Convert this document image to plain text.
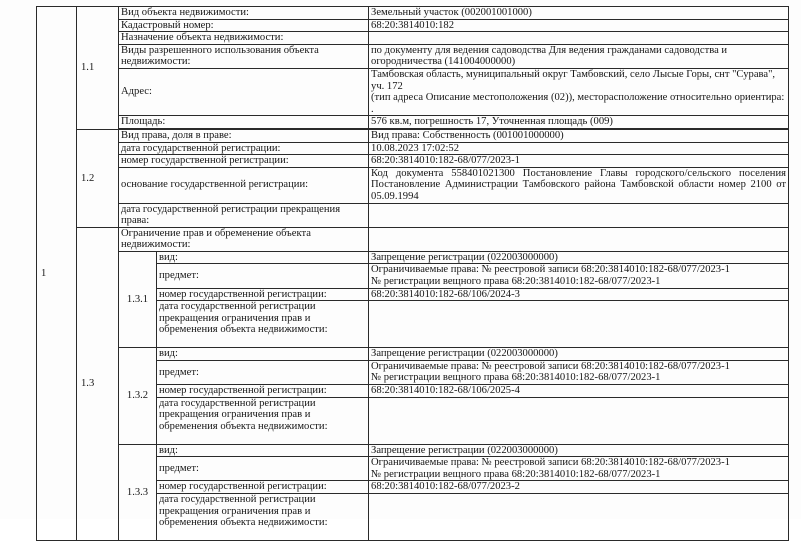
1	1.1	Вид объекта недвижимости:		Земельный участок (002001001000)
		Кадастровый номер:		68:20:3814010:182
		Назначение объекта недвижимости:		
		Виды разрешенного использования объекта недвижимости:		по документу для ведения садоводства Для ведения гражданами садоводства и огородничества (141004000000)
		Адрес:		Тамбовская область, муниципальный округ Тамбовский, село Лысые Горы, снт "Сурава", уч. 172
(тип адреса Описание местоположения (02)), месторасположение относительно ориентира: .
		Площадь:		576 кв.м, погрешность 17, Уточненная площадь (009)

	1.2	Вид права, доля в праве:		Вид права: Собственность (001001000000)
		дата государственной регистрации:		10.08.2023 17:02:52
		номер государственной регистрации:		68:20:3814010:182-68/077/2023-1
		основание государственной регистрации:		Код документа 558401021300 Постановление Главы городского/сельского поселения Постановление Администрации Тамбовского района Тамбовской области номер 2100 от 05.09.1994
		дата государственной регистрации прекращения права:		
	1.3	Ограничение прав и обременение объекта недвижимости:		
		1.3.1	вид:	Запрещение регистрации (022003000000)
			предмет:	Ограничиваемые права: № реестровой записи 68:20:3814010:182-68/077/2023-1
№ регистрации вещного права 68:20:3814010:182-68/077/2023-1
			номер государственной регистрации:	68:20:3814010:182-68/106/2024-3
			дата государственной регистрации прекращения ограничения прав и обременения объекта недвижимости:	
		1.3.2	вид:	Запрещение регистрации (022003000000)
			предмет:	Ограничиваемые права: № реестровой записи 68:20:3814010:182-68/077/2023-1
№ регистрации вещного права 68:20:3814010:182-68/077/2023-1
			номер государственной регистрации:	68:20:3814010:182-68/106/2025-4
			дата государственной регистрации прекращения ограничения прав и обременения объекта недвижимости:	
		1.3.3	вид:	Запрещение регистрации (022003000000)
			предмет:	Ограничиваемые права: № реестровой записи 68:20:3814010:182-68/077/2023-1
№ регистрации вещного права 68:20:3814010:182-68/077/2023-1
			номер государственной регистрации:	68:20:3814010:182-68/077/2023-2
			дата государственной регистрации прекращения ограничения прав и обременения объекта недвижимости:	
